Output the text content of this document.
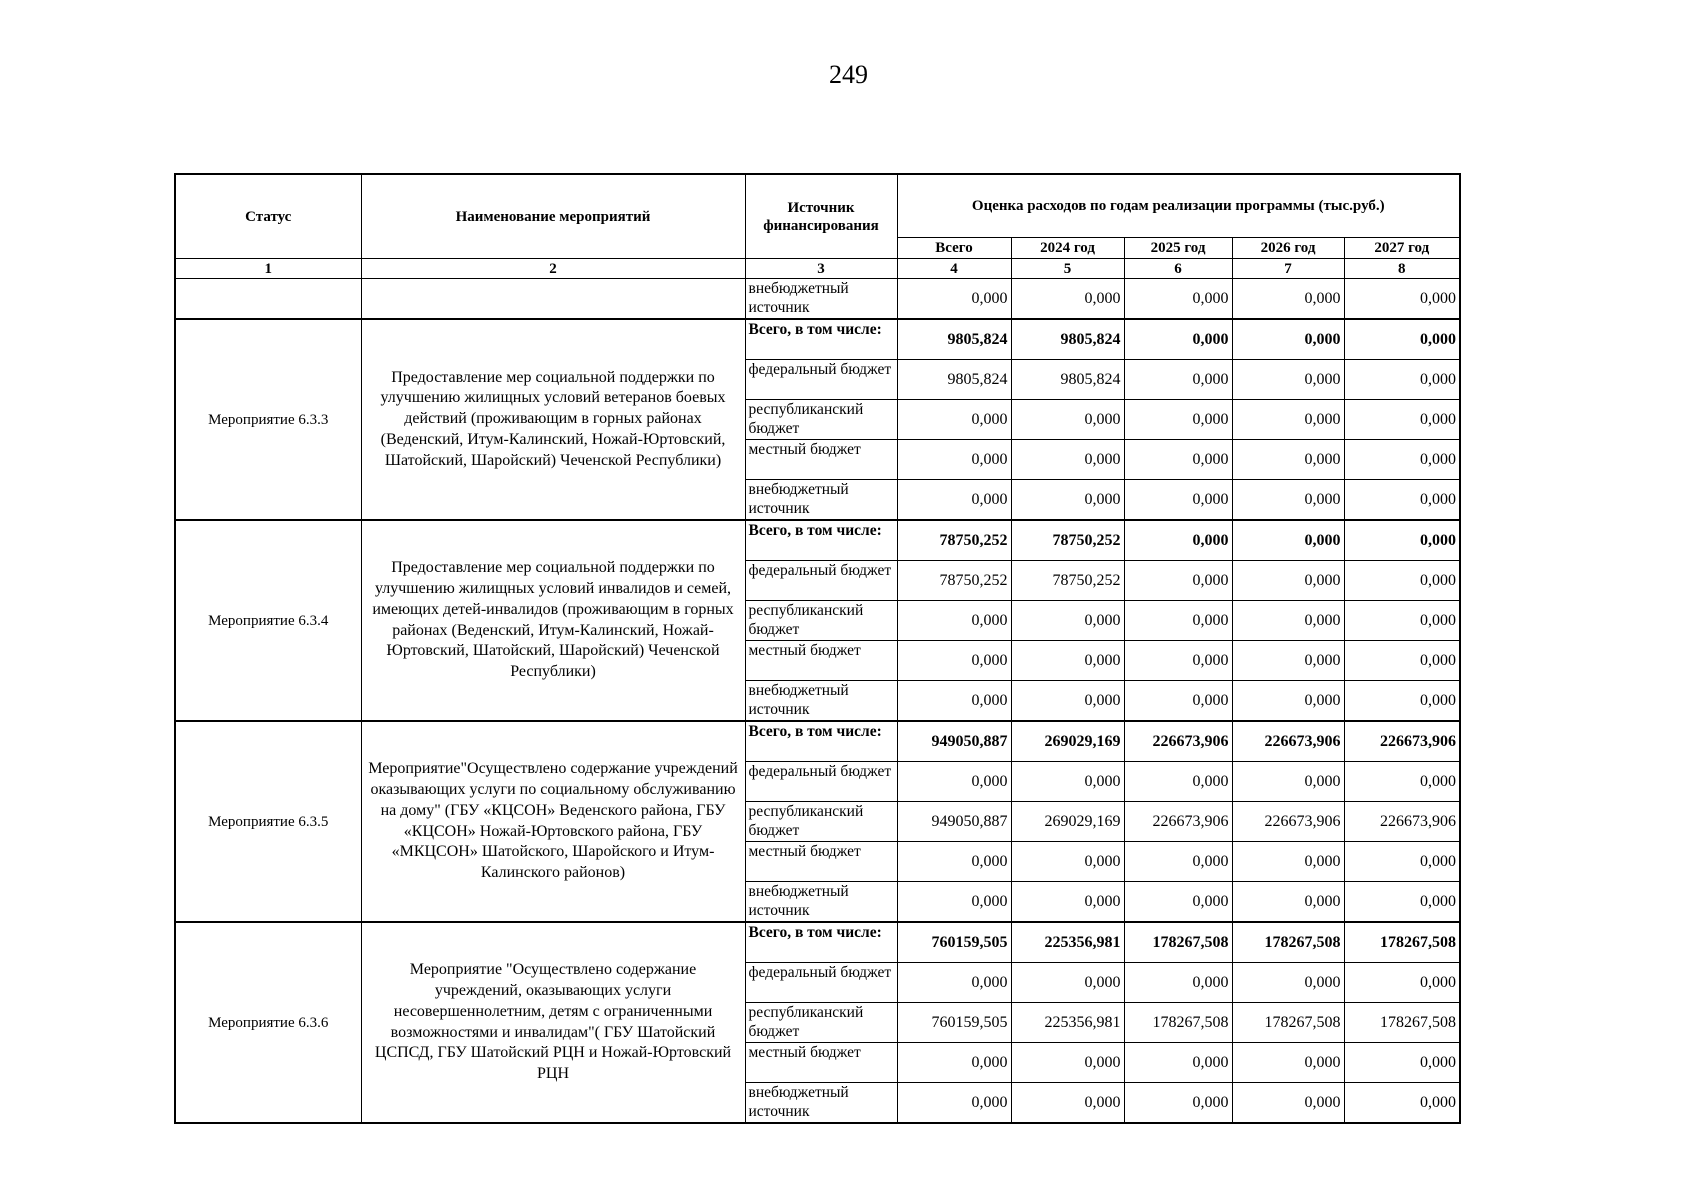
249
Статус	Наименование мероприятий	Источник финансирования	Оценка расходов по годам реализации программы (тыс.руб.)				
			Всего	2024 год	2025 год	2026 год	2027 год
1	2	3	4	5	6	7	8
		внебюджетный источник	0,000	0,000	0,000	0,000	0,000
Мероприятие 6.3.3	Предоставление мер социальной поддержки по улучшению жилищных условий ветеранов боевых действий (проживающим в горных районах (Веденский, Итум-Калинский, Ножай-Юртовский, Шатойский, Шаройский) Чеченской Республики)	Всего, в том числе:	9805,824	9805,824	0,000	0,000	0,000
		федеральный бюджет	9805,824	9805,824	0,000	0,000	0,000
		республиканский бюджет	0,000	0,000	0,000	0,000	0,000
		местный бюджет	0,000	0,000	0,000	0,000	0,000
		внебюджетный источник	0,000	0,000	0,000	0,000	0,000
Мероприятие 6.3.4	Предоставление мер социальной поддержки по улучшению жилищных условий инвалидов и семей, имеющих детей-инвалидов (проживающим в горных районах (Веденский, Итум-Калинский, Ножай-Юртовский, Шатойский, Шаройский) Чеченской Республики)	Всего, в том числе:	78750,252	78750,252	0,000	0,000	0,000
		федеральный бюджет	78750,252	78750,252	0,000	0,000	0,000
		республиканский бюджет	0,000	0,000	0,000	0,000	0,000
		местный бюджет	0,000	0,000	0,000	0,000	0,000
		внебюджетный источник	0,000	0,000	0,000	0,000	0,000
Мероприятие 6.3.5	Мероприятие"Осуществлено содержание учреждений оказывающих услуги по социальному обслуживанию на дому" (ГБУ «КЦСОН» Веденского района, ГБУ «КЦСОН» Ножай-Юртовского района, ГБУ «МКЦСОН» Шатойского, Шаройского и Итум-Калинского районов)	Всего, в том числе:	949050,887	269029,169	226673,906	226673,906	226673,906
		федеральный бюджет	0,000	0,000	0,000	0,000	0,000
		республиканский бюджет	949050,887	269029,169	226673,906	226673,906	226673,906
		местный бюджет	0,000	0,000	0,000	0,000	0,000
		внебюджетный источник	0,000	0,000	0,000	0,000	0,000
Мероприятие 6.3.6	Мероприятие "Осуществлено содержание учреждений, оказывающих услуги несовершеннолетним, детям с ограниченными возможностями и инвалидам"( ГБУ Шатойский ЦСПСД, ГБУ Шатойский РЦН и Ножай-Юртовский РЦН	Всего, в том числе:	760159,505	225356,981	178267,508	178267,508	178267,508
		федеральный бюджет	0,000	0,000	0,000	0,000	0,000
		республиканский бюджет	760159,505	225356,981	178267,508	178267,508	178267,508
		местный бюджет	0,000	0,000	0,000	0,000	0,000
		внебюджетный источник	0,000	0,000	0,000	0,000	0,000
